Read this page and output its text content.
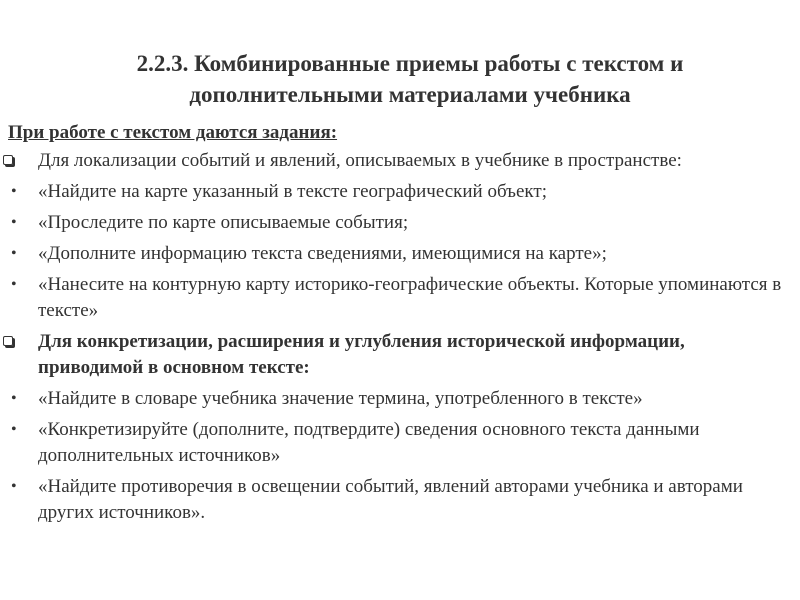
2.2.3. Комбинированные приемы работы с текстом и
дополнительными материалами учебника
При работе с текстом даются задания:
Для локализации событий и явлений, описываемых в учебнике в пространстве:
• «Найдите на карте указанный в тексте географический объект;
• «Проследите по карте описываемые события;
• «Дополните информацию текста сведениями, имеющимися на карте»;
• «Нанесите на контурную карту историко-географические объекты. Которые упоминаются в тексте»
Для конкретизации, расширения и углубления исторической информации, приводимой в основном тексте:
• «Найдите в словаре учебника значение термина, употребленного в тексте»
• «Конкретизируйте (дополните, подтвердите) сведения основного текста данными дополнительных источников»
• «Найдите противоречия в освещении событий, явлений авторами учебника и авторами других источников».
